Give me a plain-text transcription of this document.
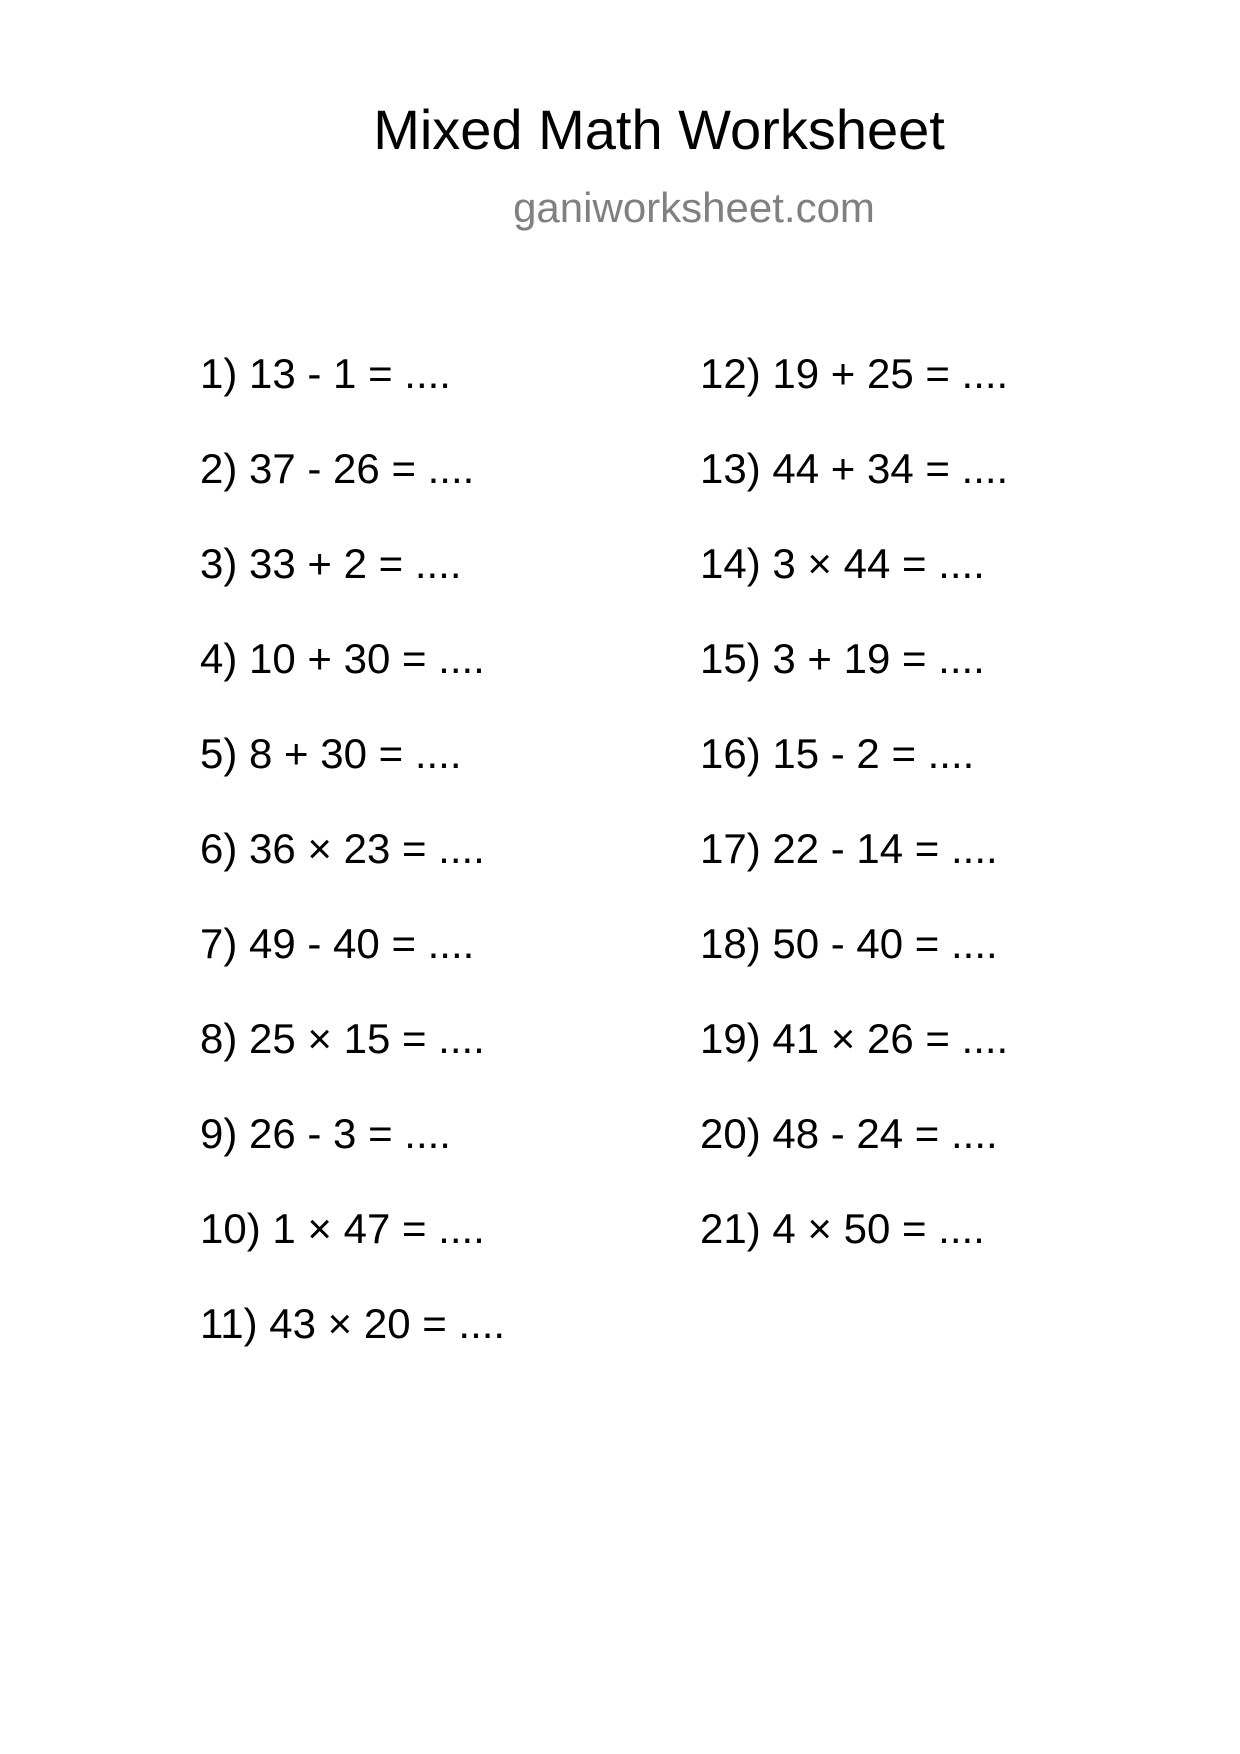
Mixed Math Worksheet
ganiworksheet.com
1) 13 - 1 = ....
2) 37 - 26 = ....
3) 33 + 2 = ....
4) 10 + 30 = ....
5) 8 + 30 = ....
6) 36 × 23 = ....
7) 49 - 40 = ....
8) 25 × 15 = ....
9) 26 - 3 = ....
10) 1 × 47 = ....
11) 43 × 20 = ....
12) 19 + 25 = ....
13) 44 + 34 = ....
14) 3 × 44 = ....
15) 3 + 19 = ....
16) 15 - 2 = ....
17) 22 - 14 = ....
18) 50 - 40 = ....
19) 41 × 26 = ....
20) 48 - 24 = ....
21) 4 × 50 = ....
